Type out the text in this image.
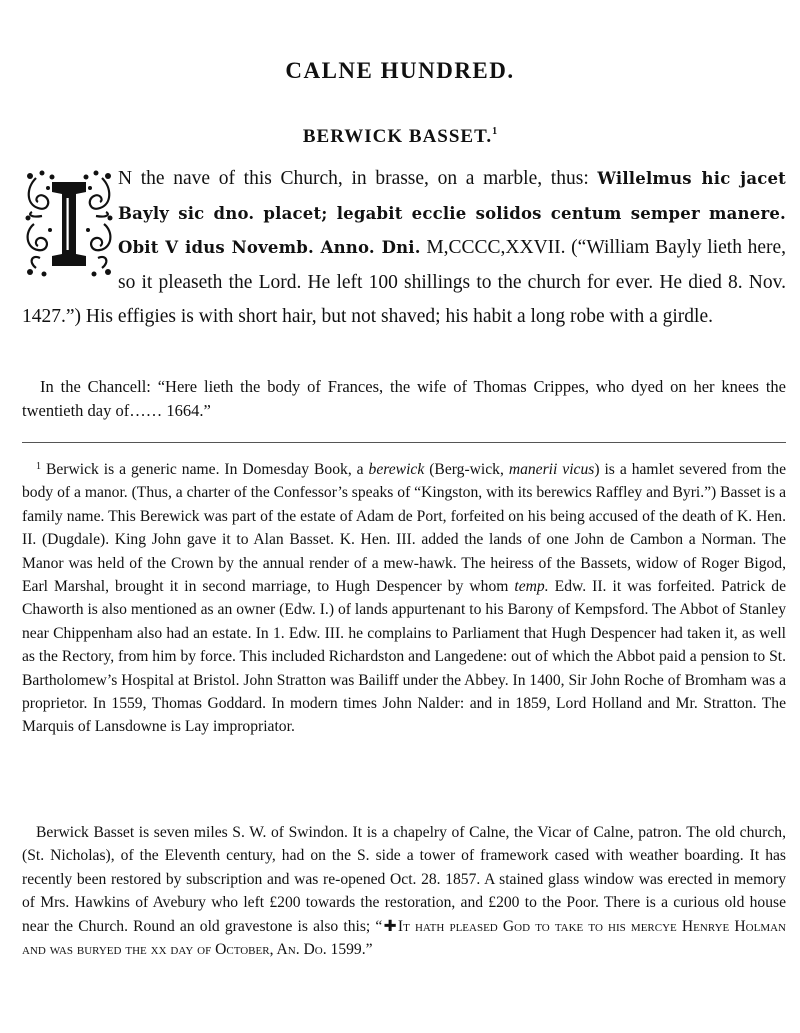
CALNE HUNDRED.
BERWICK BASSET.$^1$

N the nave of this Church, in brasse, on a marble, thus: Willelmus hic jacet Bayly sic dno. placet; legabit ecclie solidos centum semper manere. Obit V idus Novemb. Anno. Dni. M,CCCC,XXVII. (“William Bayly lieth here, so it pleaseth the Lord. He left 100 shillings to the church for ever. He died 8. Nov. 1427.”) His effigies is with short hair, but not shaved; his habit a long robe with a girdle.

In the Chancell: “Here lieth the body of Frances, the wife of Thomas Crippes, who dyed on her knees the twentieth day of…… 1664.”

$^1$ Berwick is a generic name. In Domesday Book, a berewick (Berg-wick, manerii vicus) is a hamlet severed from the body of a manor. (Thus, a charter of the Confessor’s speaks of “Kingston, with its berewics Raffley and Byri.”) Basset is a family name. This Berewick was part of the estate of Adam de Port, forfeited on his being accused of the death of K. Hen. II. (Dugdale). King John gave it to Alan Basset. K. Hen. III. added the lands of one John de Cambon a Norman. The Manor was held of the Crown by the annual render of a mew-hawk. The heiress of the Bassets, widow of Roger Bigod, Earl Marshal, brought it in second marriage, to Hugh Despencer by whom temp. Edw. II. it was forfeited. Patrick de Chaworth is also mentioned as an owner (Edw. I.) of lands appurtenant to his Barony of Kempsford. The Abbot of Stanley near Chippenham also had an estate. In 1. Edw. III. he complains to Parliament that Hugh Despencer had taken it, as well as the Rectory, from him by force. This included Richardston and Langedene: out of which the Abbot paid a pension to St. Bartholomew’s Hospital at Bristol. John Stratton was Bailiff under the Abbey. In 1400, Sir John Roche of Bromham was a proprietor. In 1559, Thomas Goddard. In modern times John Nalder: and in 1859, Lord Holland and Mr. Stratton. The Marquis of Lansdowne is Lay impropriator.

Berwick Basset is seven miles S. W. of Swindon. It is a chapelry of Calne, the Vicar of Calne, patron. The old church, (St. Nicholas), of the Eleventh century, had on the S. side a tower of framework cased with weather boarding. It has recently been restored by subscription and was re-opened Oct. 28. 1857. A stained glass window was erected in memory of Mrs. Hawkins of Avebury who left £200 towards the restoration, and £200 to the Poor. There is a curious old house near the Church. Round an old gravestone is also this; “✚It hath pleased God to take to his mercye Henrye Holman and was buryed the xx day of October, An. Do. 1599.”
